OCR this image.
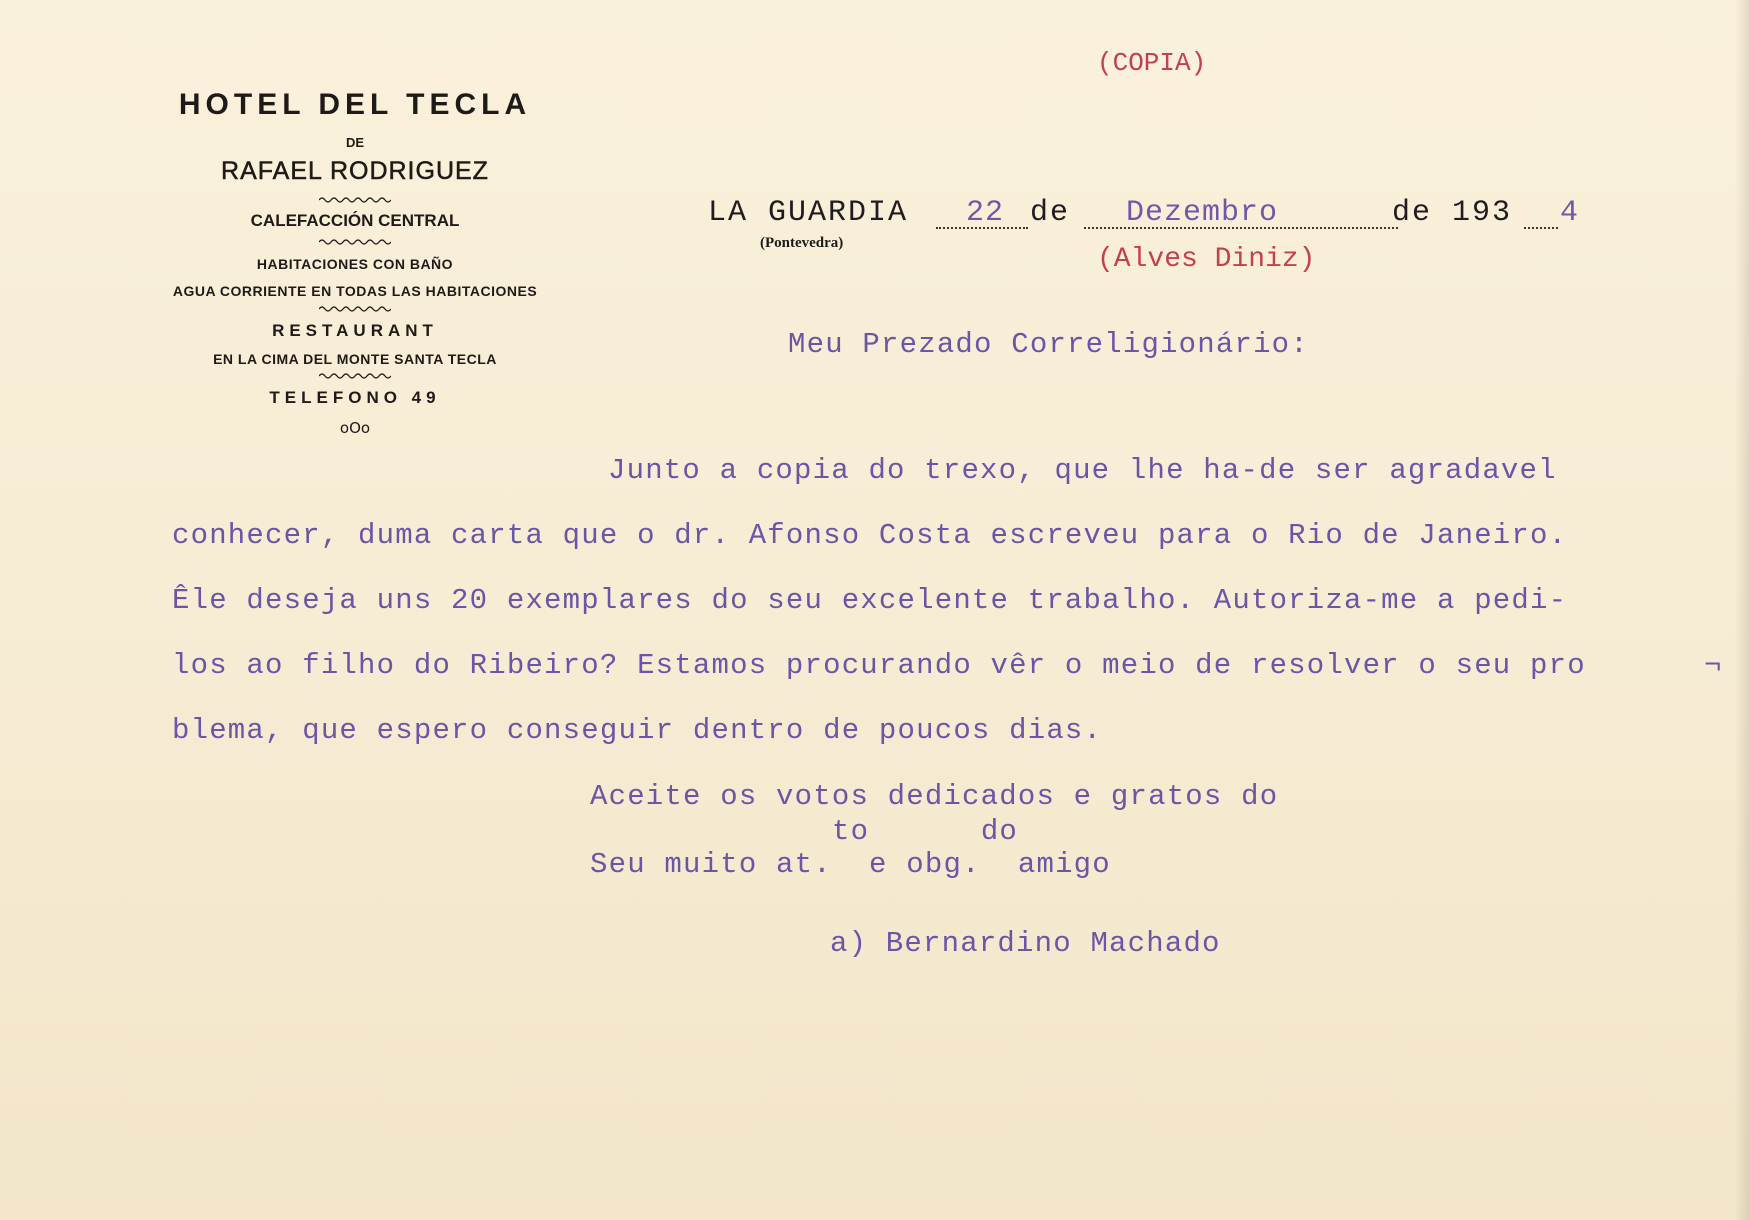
HOTEL DEL TECLA
DE
RAFAEL RODRIGUEZ
CALEFACCIÓN CENTRAL
HABITACIONES CON BAÑO
AGUA CORRIENTE EN TODAS LAS HABITACIONES
RESTAURANT
EN LA CIMA DEL MONTE SANTA TECLA
TELEFONO 49
oOo
(COPIA)
(Alves Diniz)
LA GUARDIA 22 de Dezembro	de 193 4
(Pontevedra)
Meu Prezado Correligionário:
Junto a copia do trexo, que lhe ha-de ser agradavel
conhecer, duma carta que o dr. Afonso Costa escreveu para o Rio de Janeiro.
Êle deseja uns 20 exemplares do seu excelente trabalho. Autoriza-me a pedi-
los ao filho do Ribeiro? Estamos procurando vêr o meio de resolver o seu pro	¬
blema, que espero conseguir dentro de poucos dias.
Aceite os votos dedicados e gratos do
to      do
Seu muito at.  e obg.  amigo
a) Bernardino Machado
